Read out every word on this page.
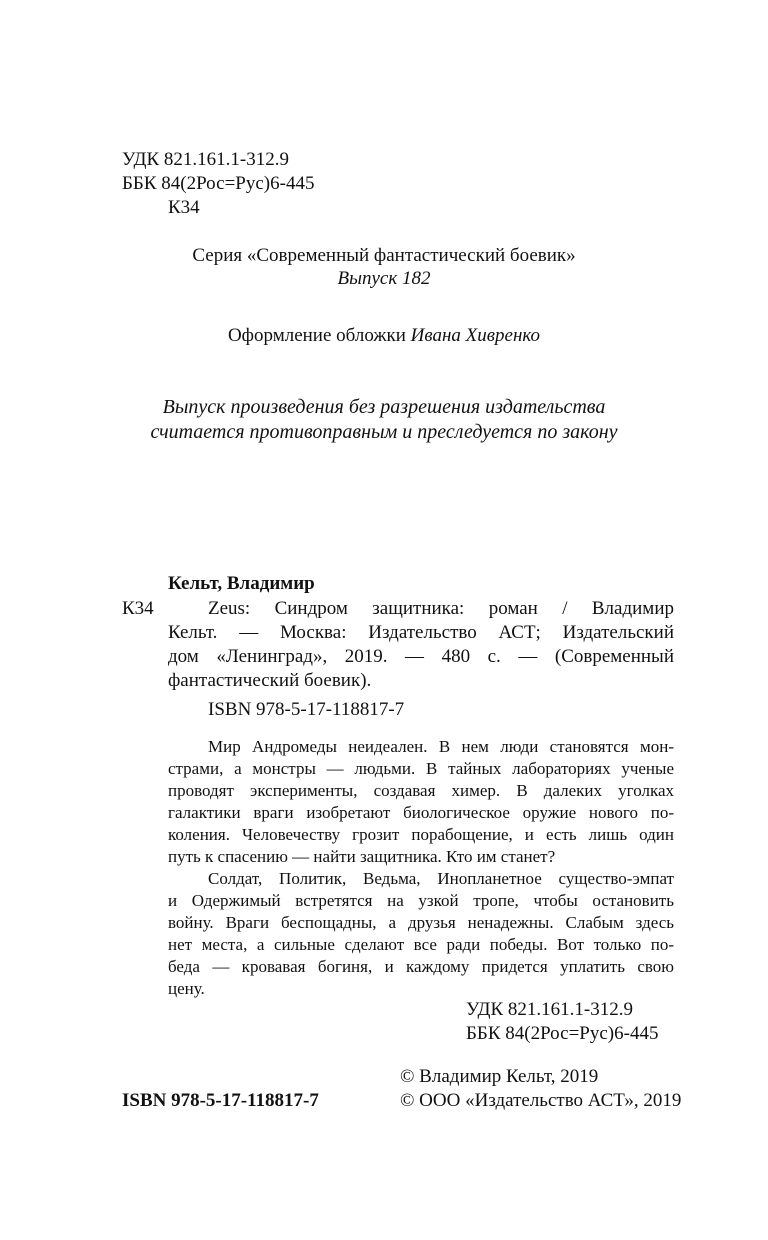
УДК 821.161.1-312.9
ББК 84(2Рос=Рус)6-445
К34
Серия «Современный фантастический боевик»
Выпуск 182
Оформление обложки Ивана Хивренко
Выпуск произведения без разрешения издательства
считается противоправным и преследуется по закону
Кельт, Владимир
К34	Zeus: Синдром защитника: роман / Владимир
Кельт. — Москва: Издательство АСТ; Издательский
дом «Ленинград», 2019. — 480 с. — (Современный
фантастический боевик).
ISBN 978-5-17-118817-7
Мир Андромеды неидеален. В нем люди становятся мон-
страми, а монстры — людьми. В тайных лабораториях ученые
проводят эксперименты, создавая химер. В далеких уголках
галактики враги изобретают биологическое оружие нового по-
коления. Человечеству грозит порабощение, и есть лишь один
путь к спасению — найти защитника. Кто им станет?
Солдат, Политик, Ведьма, Инопланетное существо-эмпат
и Одержимый встретятся на узкой тропе, чтобы остановить
войну. Враги беспощадны, а друзья ненадежны. Слабым здесь
нет места, а сильные сделают все ради победы. Вот только по-
беда — кровавая богиня, и каждому придется уплатить свою
цену.
УДК 821.161.1-312.9
ББК 84(2Рос=Рус)6-445
© Владимир Кельт, 2019
ISBN 978-5-17-118817-7	© ООО «Издательство АСТ», 2019
